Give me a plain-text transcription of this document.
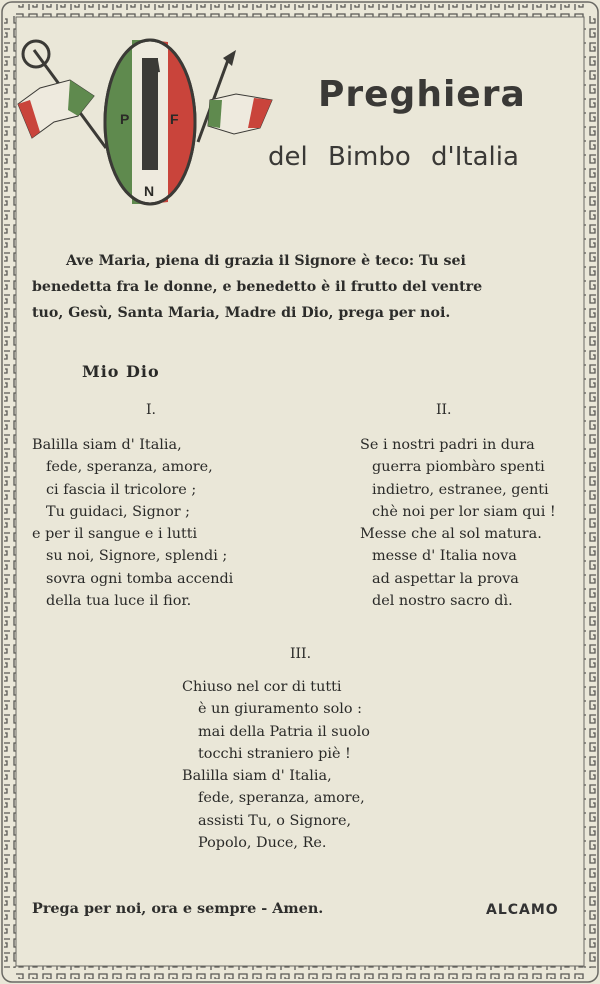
P	F
N
Preghiera
del Bimbo d'Italia
Ave Maria, piena di grazia il Signore è teco: Tu sei
benedetta fra le donne, e benedetto è il frutto del ventre
tuo, Gesù, Santa Maria, Madre di Dio, prega per noi.
Mio Dio
I.	II.
Balilla siam d' Italia,
fede, speranza, amore,
ci fascia il tricolore ;
Tu guidaci, Signor ;
e per il sangue e i lutti
su noi, Signore, splendi ;
sovra ogni tomba accendi
della tua luce il fior.
Se i nostri padri in dura
guerra piombàro spenti
indietro, estranee, genti
chè noi per lor siam qui !
Messe che al sol matura.
messe d' Italia nova
ad aspettar la prova
del nostro sacro dì.
III.
Chiuso nel cor di tutti
è un giuramento solo :
mai della Patria il suolo
tocchi straniero piè !
Balilla siam d' Italia,
fede, speranza, amore,
assisti Tu, o Signore,
Popolo, Duce, Re.
Prega per noi, ora e sempre - Amen.	ALCAMO
